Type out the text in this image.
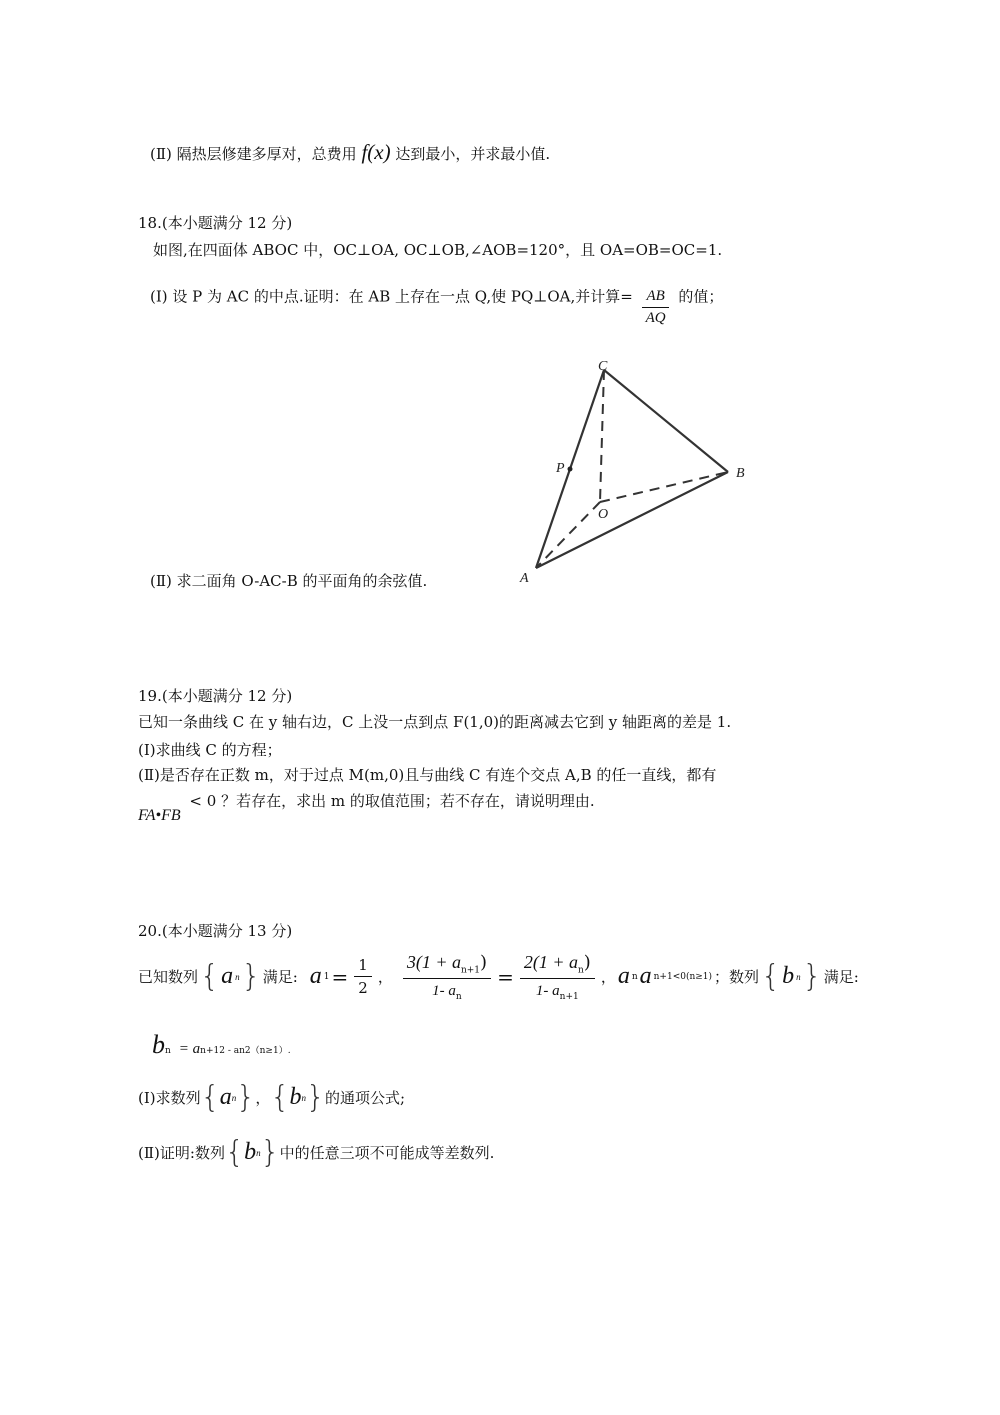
(Ⅱ) 隔热层修建多厚对，总费用 f(x) 达到最小，并求最小值.
18.(本小题满分 12 分)
如图,在四面体 ABOC 中，OC⊥OA, OC⊥OB,∠AOB=120°，且 OA=OB=OC=1.
(Ⅰ) 设 P 为 AC 的中点.证明：在 AB 上存在一点 Q,使 PQ⊥OA,并计算= $\frac{AB}{AQ}$ 的值；
C
P	B
O
A
(Ⅱ) 求二面角 O-AC-B 的平面角的余弦值.
19.(本小题满分 12 分)
已知一条曲线 C 在 y 轴右边，C 上没一点到点 F(1,0)的距离减去它到 y 轴距离的差是 1.
(Ⅰ)求曲线 C 的方程；
(Ⅱ)是否存在正数 m，对于过点 M(m,0)且与曲线 C 有连个交点 A,B 的任一直线，都有
FA•FB < 0 ？若存在，求出 m 的取值范围；若不存在，请说明理由.
20.(本小题满分 13 分)
已知数列 { a n } 满足: a $1 = \frac{1}{2}$ ， $\frac{3(1 + a_{n+1})}{1- a_n} = \frac{2(1 + a_n)}{1- a_{n+1}}$ ， a n a n+1<0(n≥1) ；数列 { b n } 满足:
b n = a n+1 2 - a n 2（n≥1）.
(Ⅰ)求数列 { a n } ， { b n } 的通项公式;
(Ⅱ)证明:数列 { b n } 中的任意三项不可能成等差数列.
